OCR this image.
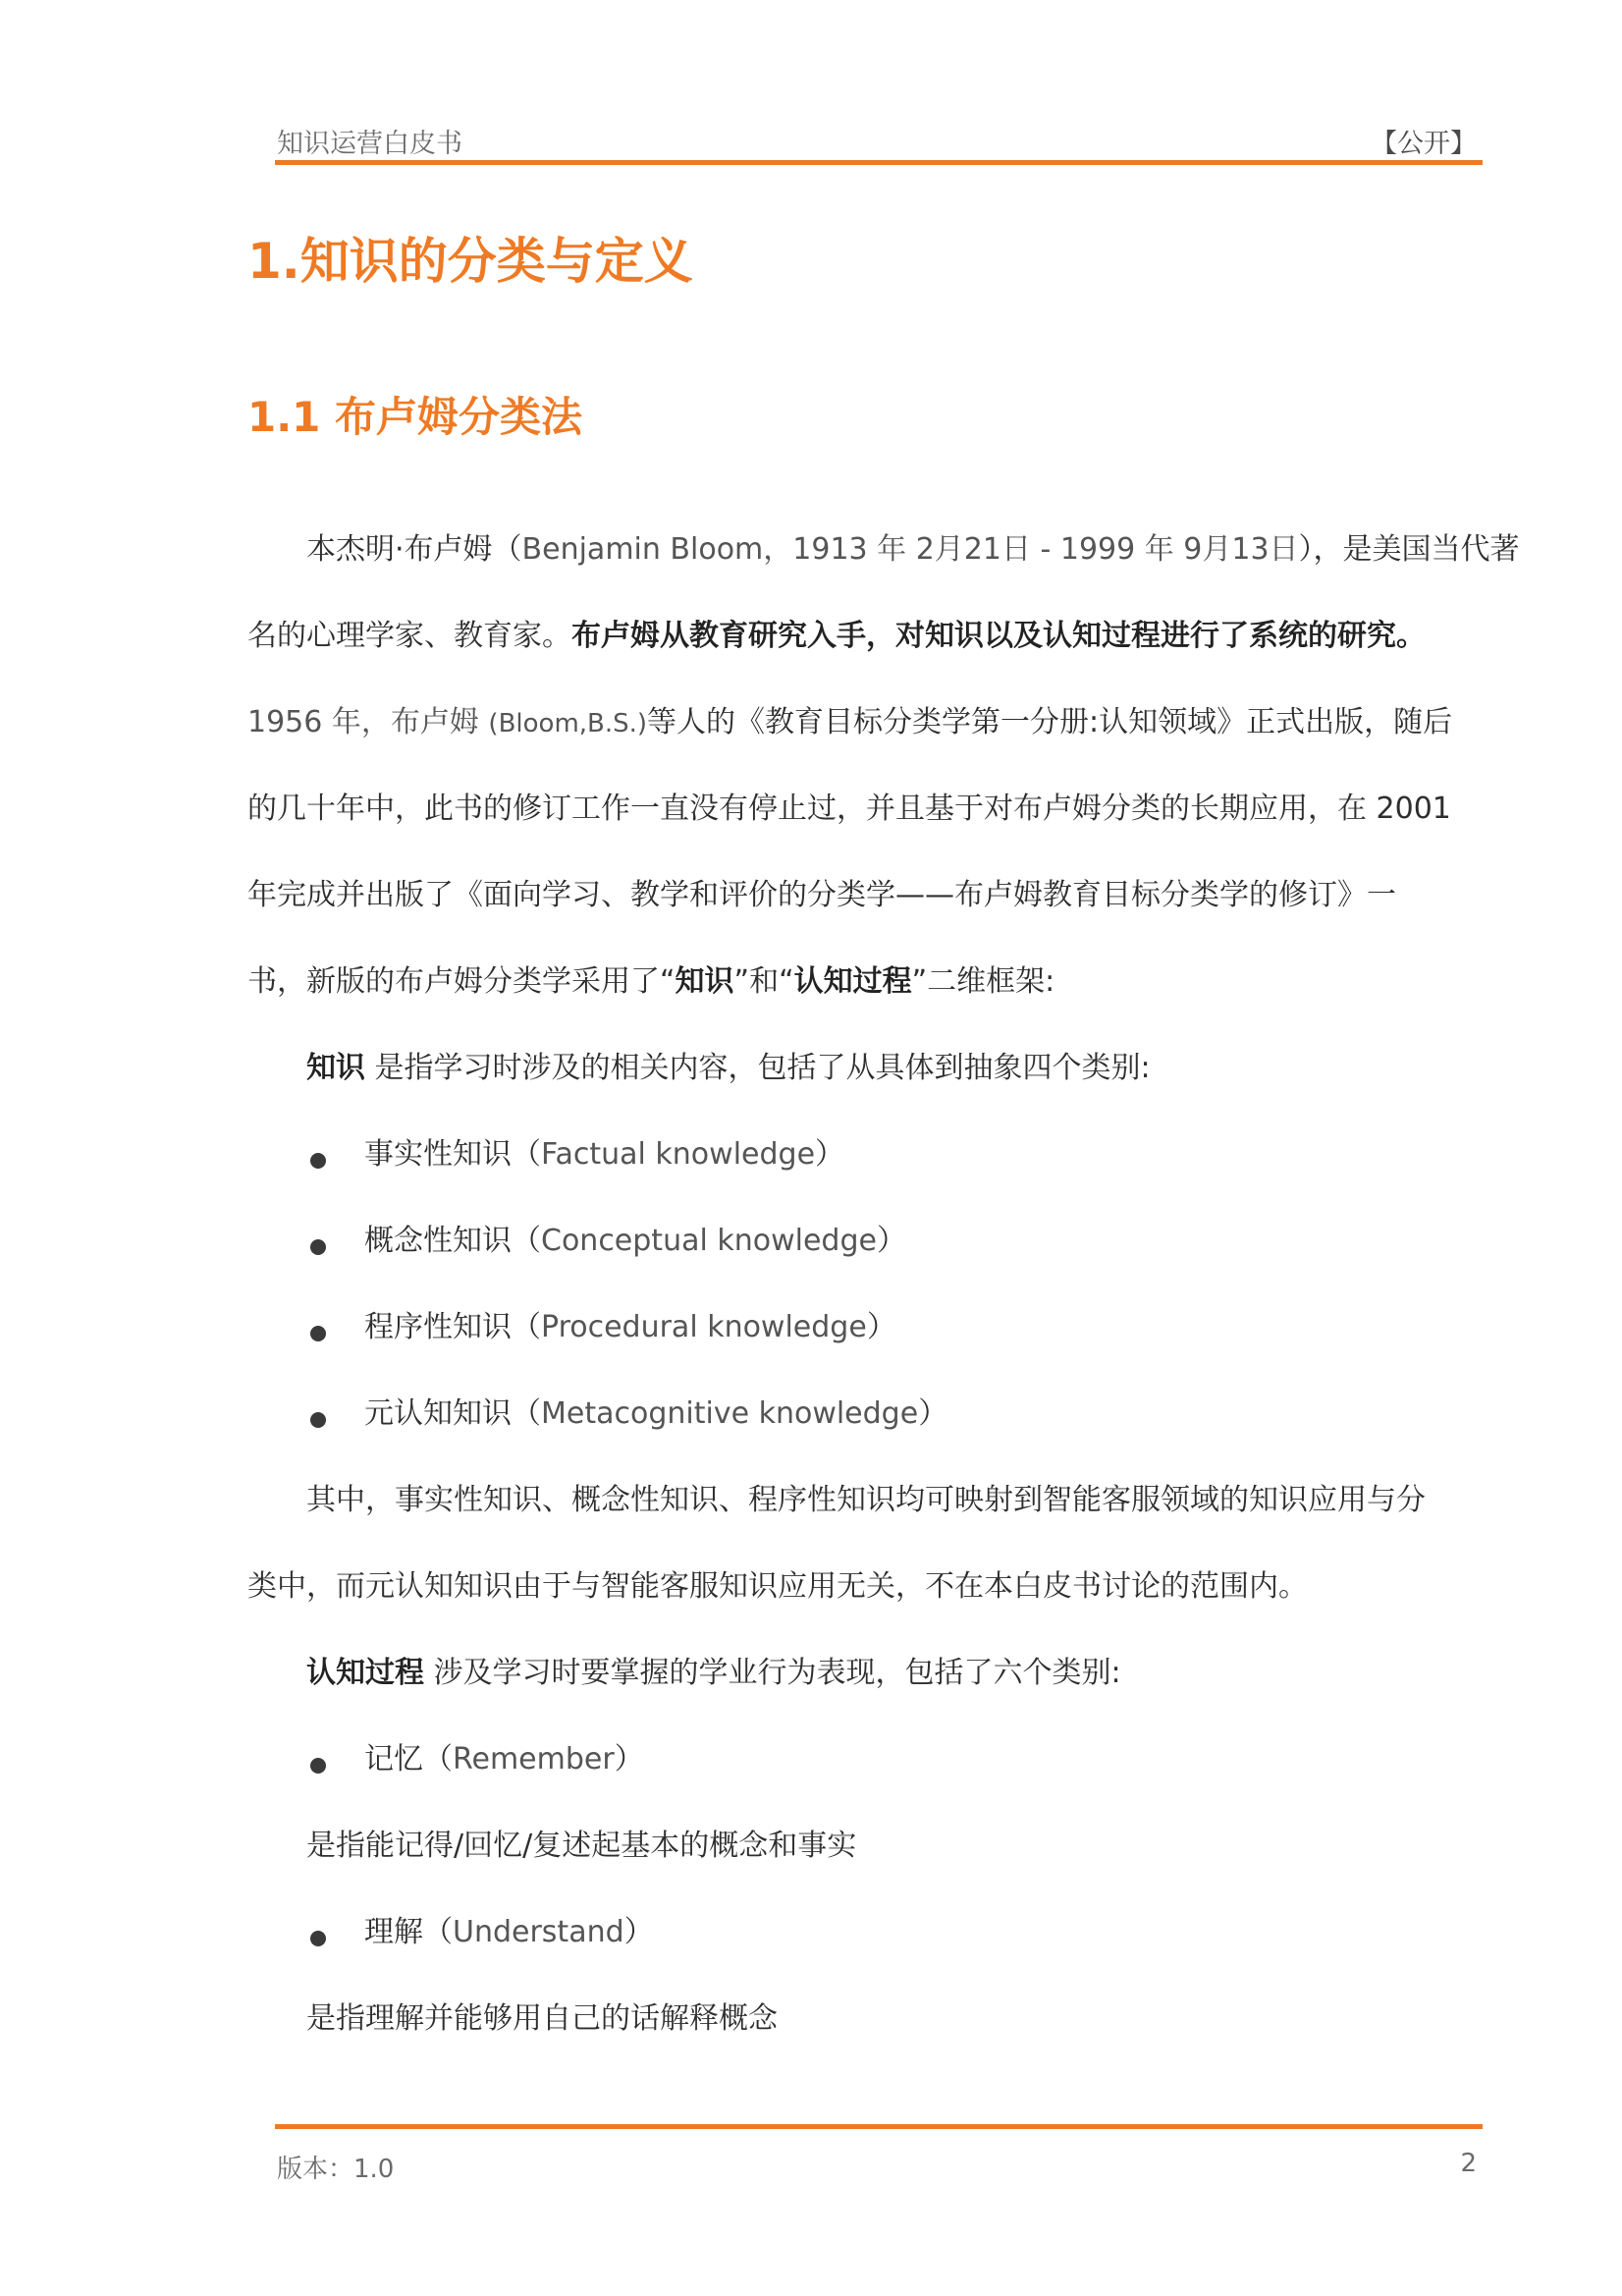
知识运营白皮书	【公开】
1.知识的分类与定义
1.1 布卢姆分类法
本杰明·布卢姆（Benjamin Bloom，1913 年 2月21日 - 1999 年 9月13日），是美国当代著
名的心理学家、教育家。布卢姆从教育研究入手，对知识以及认知过程进行了系统的研究。
1956 年，布卢姆 (Bloom,B.S.)等人的《教育目标分类学第一分册:认知领域》正式出版，随后
的几十年中，此书的修订工作一直没有停止过，并且基于对布卢姆分类的长期应用，在 2001
年完成并出版了《面向学习、教学和评价的分类学——布卢姆教育目标分类学的修订》一
书，新版的布卢姆分类学采用了“知识”和“认知过程”二维框架:
知识 是指学习时涉及的相关内容，包括了从具体到抽象四个类别:
事实性知识（Factual knowledge）
概念性知识（Conceptual knowledge）
程序性知识（Procedural knowledge）
元认知知识（Metacognitive knowledge）
其中，事实性知识、概念性知识、程序性知识均可映射到智能客服领域的知识应用与分
类中，而元认知知识由于与智能客服知识应用无关，不在本白皮书讨论的范围内。
认知过程 涉及学习时要掌握的学业行为表现，包括了六个类别:
记忆（Remember）
是指能记得/回忆/复述起基本的概念和事实
理解（Understand）
是指理解并能够用自己的话解释概念
版本：1.0	2
